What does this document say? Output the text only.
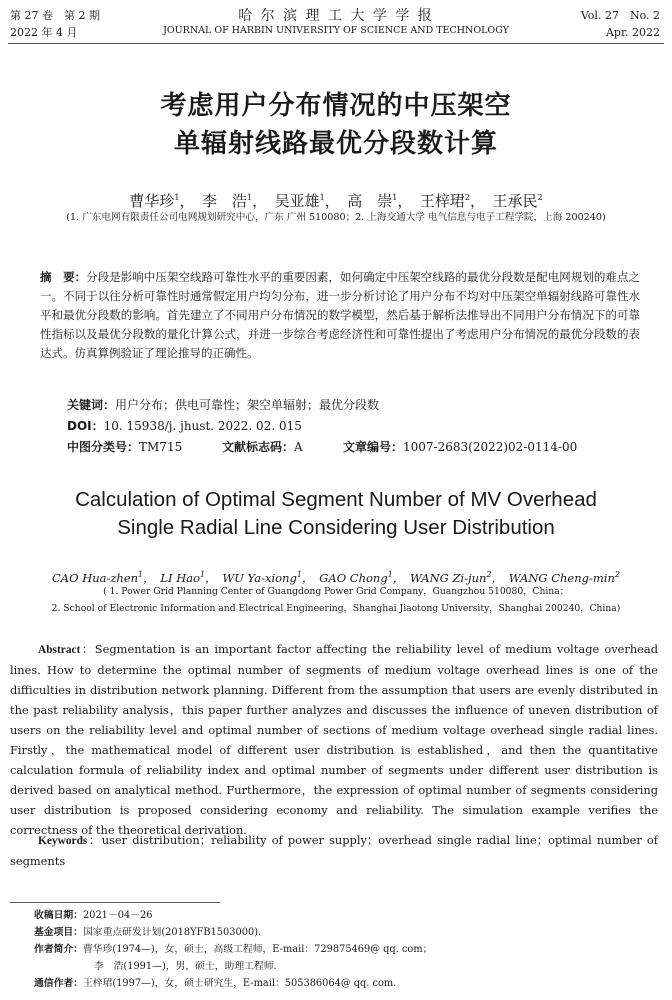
第 27 卷　第 2 期
2022 年 4 月
哈 尔 滨 理 工 大 学 学 报
JOURNAL OF HARBIN UNIVERSITY OF SCIENCE AND TECHNOLOGY
Vol. 27　No. 2
Apr. 2022
考虑用户分布情况的中压架空
单辐射线路最优分段数计算
曹华珍$^1$，　李　浩$^1$，　吴亚雄$^1$，　高　崇$^1$，　王梓珺$^2$，　王承民$^2$
(1. 广东电网有限责任公司电网规划研究中心，广东 广州 510080；2. 上海交通大学 电气信息与电子工程学院，上海 200240)
摘　要：分段是影响中压架空线路可靠性水平的重要因素，如何确定中压架空线路的最优分段数是配电网规划的难点之一。不同于以往分析可靠性时通常假定用户均匀分布，进一步分析讨论了用户分布不均对中压架空单辐射线路可靠性水平和最优分段数的影响。首先建立了不同用户分布情况的数学模型，然后基于解析法推导出不同用户分布情况下的可靠性指标以及最优分段数的量化计算公式，并进一步综合考虑经济性和可靠性提出了考虑用户分布情况的最优分段数的表达式。仿真算例验证了理论推导的正确性。
关键词：用户分布；供电可靠性；架空单辐射；最优分段数
DOI：10. 15938/j. jhust. 2022. 02. 015
中图分类号：TM715	文献标志码：A	文章编号：1007-2683(2022)02-0114-00
Calculation of Optimal Segment Number of MV Overhead
Single Radial Line Considering User Distribution
CAO Hua-zhen$^1$，　LI Hao$^1$，　WU Ya-xiong$^1$，　GAO Chong$^1$，　WANG Zi-jun$^2$，　WANG Cheng-$\min^2$
( 1. Power Grid Planning Center of Guangdong Power Grid Company，Guangzhou 510080，China；
2. School of Electronic Information and Electrical Engineering，Shanghai Jiaotong University，Shanghai 200240，China)
Abstract：Segmentation is an important factor affecting the reliability level of medium voltage overhead lines. How to determine the optimal number of segments of medium voltage overhead lines is one of the difficulties in distribution network planning. Different from the assumption that users are evenly distributed in the past reliability analysis，this paper further analyzes and discusses the influence of uneven distribution of users on the reliability level and optimal number of sections of medium voltage overhead single radial lines. Firstly，the mathematical model of different user distribution is established，and then the quantitative calculation formula of reliability index and optimal number of segments under different user distribution is derived based on analytical method. Furthermore，the expression of optimal number of segments considering user distribution is proposed considering economy and reliability. The simulation example verifies the correctness of the theoretical derivation.
Keywords：user distribution；reliability of power supply；overhead single radial line；optimal number of segments
收稿日期：2021－04－26
基金项目：国家重点研发计划(2018YFB1503000).
作者简介：曹华珍(1974—)，女，硕士，高级工程师，E-mail：729875469@ qq. com；
李　浩(1991—)，男，硕士，助理工程师.
通信作者：王梓珺(1997—)，女，硕士研究生，E-mail：505386064@ qq. com.
